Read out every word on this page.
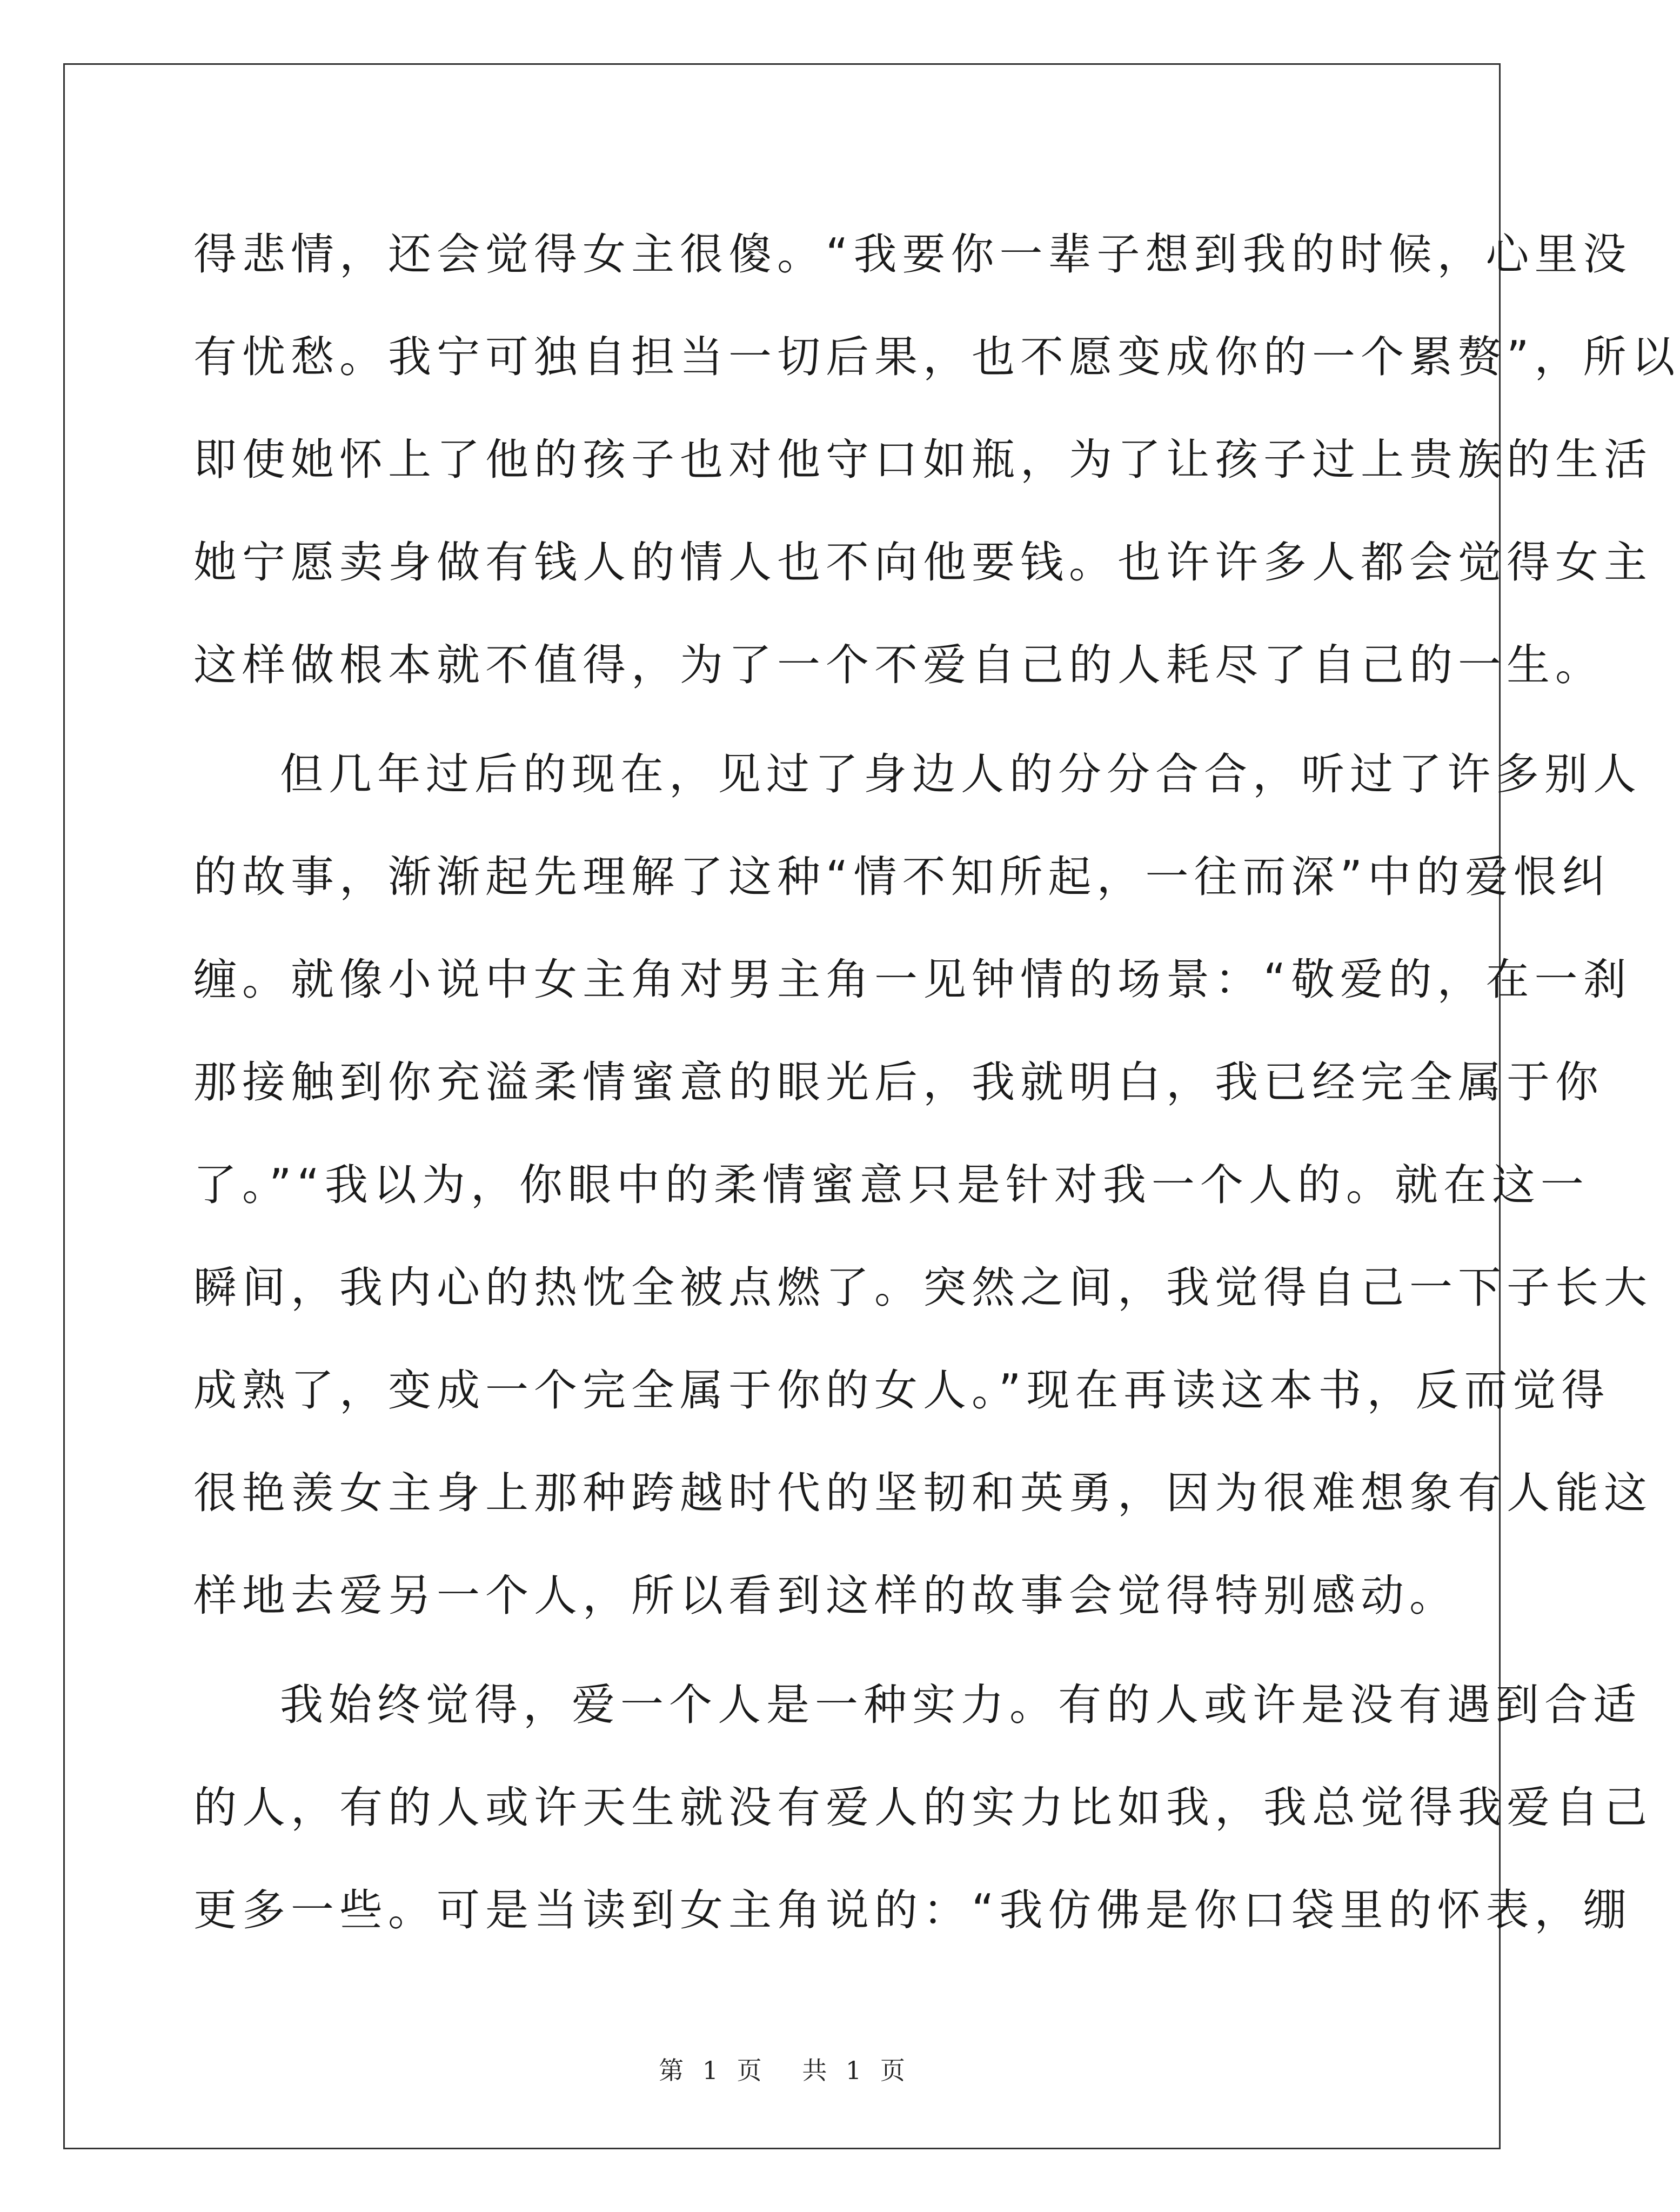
得悲情，还会觉得女主很傻。“我要你一辈子想到我的时候，心里没
有忧愁。我宁可独自担当一切后果，也不愿变成你的一个累赘”，所以
即使她怀上了他的孩子也对他守口如瓶，为了让孩子过上贵族的生活
她宁愿卖身做有钱人的情人也不向他要钱。也许许多人都会觉得女主
这样做根本就不值得，为了一个不爱自己的人耗尽了自己的一生。
但几年过后的现在，见过了身边人的分分合合，听过了许多别人
的故事，渐渐起先理解了这种“情不知所起，一往而深”中的爱恨纠
缠。就像小说中女主角对男主角一见钟情的场景：“敬爱的，在一刹
那接触到你充溢柔情蜜意的眼光后，我就明白，我已经完全属于你
了。”“我以为，你眼中的柔情蜜意只是针对我一个人的。就在这一
瞬间，我内心的热忱全被点燃了。突然之间，我觉得自己一下子长大
成熟了，变成一个完全属于你的女人。”现在再读这本书，反而觉得
很艳羡女主身上那种跨越时代的坚韧和英勇，因为很难想象有人能这
样地去爱另一个人，所以看到这样的故事会觉得特别感动。
我始终觉得，爱一个人是一种实力。有的人或许是没有遇到合适
的人，有的人或许天生就没有爱人的实力比如我，我总觉得我爱自己
更多一些。可是当读到女主角说的：“我仿佛是你口袋里的怀表，绷
第 1 页 共 1 页
